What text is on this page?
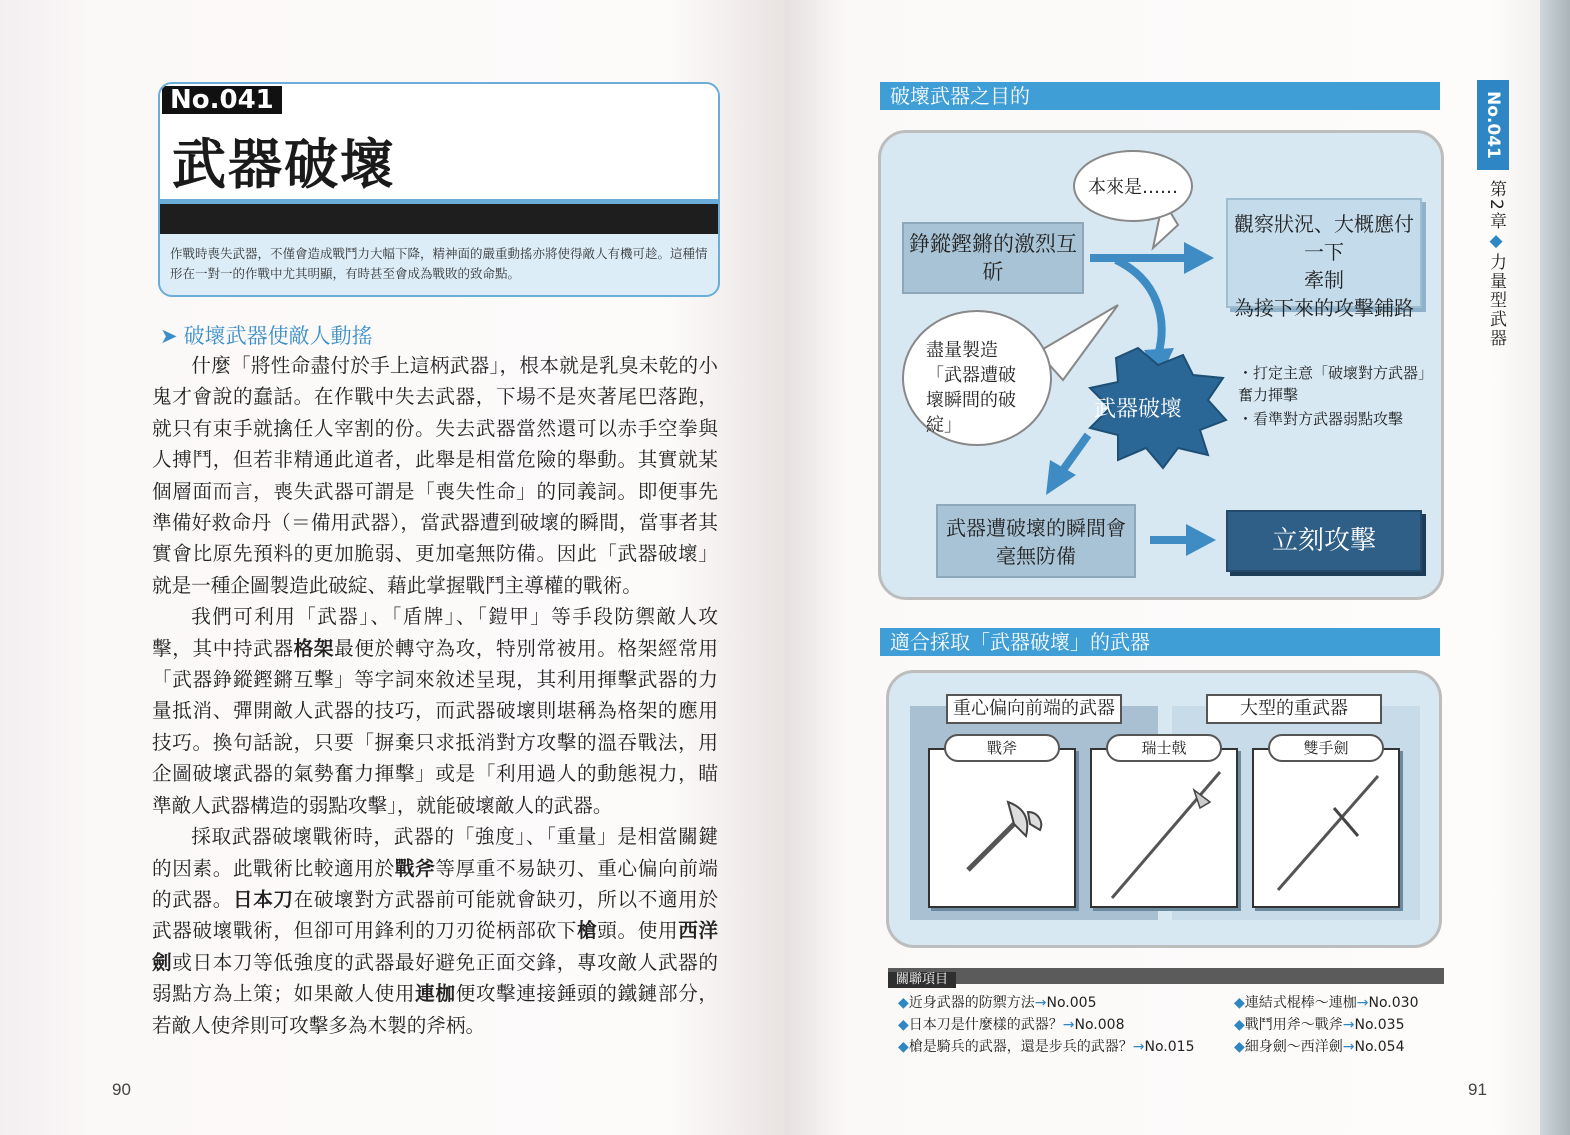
No.041
武器破壞
作戰時喪失武器，不僅會造成戰鬥力大幅下降，精神面的嚴重動搖亦將使得敵人有機可趁。這種情形在一對一的作戰中尤其明顯，有時甚至會成為戰敗的致命點。
➤ 破壞武器使敵人動搖

什麼「將性命盡付於手上這柄武器」，根本就是乳臭未乾的小鬼才會說的蠢話。在作戰中失去武器，下場不是夾著尾巴落跑，就只有束手就擒任人宰割的份。失去武器當然還可以赤手空拳與人搏鬥，但若非精通此道者，此舉是相當危險的舉動。其實就某個層面而言，喪失武器可謂是「喪失性命」的同義詞。即便事先準備好救命丹（＝備用武器），當武器遭到破壞的瞬間，當事者其實會比原先預料的更加脆弱、更加毫無防備。因此「武器破壞」就是一種企圖製造此破綻、藉此掌握戰鬥主導權的戰術。

我們可利用「武器」、「盾牌」、「鎧甲」等手段防禦敵人攻擊，其中持武器格架最便於轉守為攻，特別常被用。格架經常用「武器錚鏦鏗鏘互擊」等字詞來敘述呈現，其利用揮擊武器的力量抵消、彈開敵人武器的技巧，而武器破壞則堪稱為格架的應用技巧。換句話說，只要「摒棄只求抵消對方攻擊的溫吞戰法，用企圖破壞武器的氣勢奮力揮擊」或是「利用過人的動態視力，瞄準敵人武器構造的弱點攻擊」，就能破壞敵人的武器。

採取武器破壞戰術時，武器的「強度」、「重量」是相當關鍵的因素。此戰術比較適用於戰斧等厚重不易缺刃、重心偏向前端的武器。日本刀在破壞對方武器前可能就會缺刃，所以不適用於武器破壞戰術，但卻可用鋒利的刀刃從柄部砍下槍頭。使用西洋劍或日本刀等低強度的武器最好避免正面交鋒，專攻敵人武器的弱點方為上策；如果敵人使用連枷便攻擊連接錘頭的鐵鏈部分，若敵人使斧則可攻擊多為木製的斧柄。

90
破壞武器之目的
錚鏦鏗鏘的激烈互斫
本來是……
觀察狀況、大概應付一下
牽制
為接下來的攻擊鋪路
盡量製造「武器遭破壞瞬間的破綻」
武器破壞
・打定主意「破壞對方武器」奮力揮擊
・看準對方武器弱點攻擊
武器遭破壞的瞬間會毫無防備	立刻攻擊
適合採取「武器破壞」的武器
重心偏向前端的武器	大型的重武器
戰斧	瑞士戟	雙手劍
關聯項目
◆近身武器的防禦方法→No.005
◆日本刀是什麼樣的武器？→No.008
◆槍是騎兵的武器，還是步兵的武器？→No.015
◆連結式棍棒～連枷→No.030
◆戰鬥用斧～戰斧→No.035
◆細身劍～西洋劍→No.054
No.041
第2章◆力量型武器
91
